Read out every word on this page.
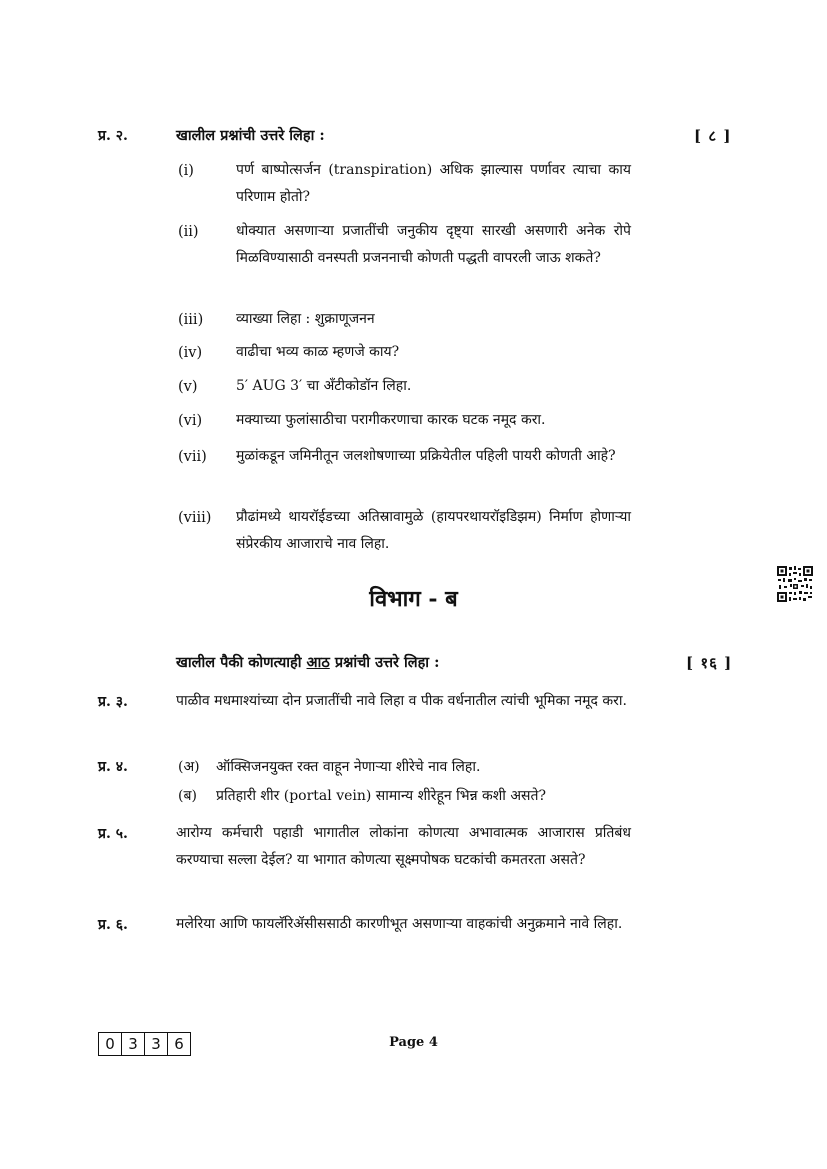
प्र. २.	खालील प्रश्नांची उत्तरे लिहा :	[ ८ ]
(i)	पर्ण बाष्पोत्सर्जन (transpiration) अधिक झाल्यास पर्णावर त्याचा काय परिणाम होतो?
(ii)	धोक्यात असणाऱ्या प्रजातींची जनुकीय दृष्ट्या सारखी असणारी अनेक रोपे मिळविण्यासाठी वनस्पती प्रजननाची कोणती पद्धती वापरली जाऊ शकते?
(iii) व्याख्या लिहा : शुक्राणूजनन
(iv) वाढीचा भव्य काळ म्हणजे काय?
(v)	5′ AUG 3′ चा अँटीकोडॉन लिहा.
(vi) मक्याच्या फुलांसाठीचा परागीकरणाचा कारक घटक नमूद करा.
(vii) मुळांकडून जमिनीतून जलशोषणाच्या प्रक्रियेतील पहिली पायरी कोणती आहे?
(viii) प्रौढांमध्ये थायरॉईडच्या अतिस्रावामुळे (हायपरथायरॉइडिझम) निर्माण होणाऱ्या संप्रेरकीय आजाराचे नाव लिहा.
विभाग - ब
खालील पैकी कोणत्याही आठ प्रश्नांची उत्तरे लिहा :	[ १६ ]
प्र. ३.	पाळीव मधमाश्यांच्या दोन प्रजातींची नावे लिहा व पीक वर्धनातील त्यांची भूमिका नमूद करा.
प्र. ४.	(अ) ऑक्सिजनयुक्त रक्त वाहून नेणाऱ्या शीरेचे नाव लिहा.
(ब) प्रतिहारी शीर (portal vein) सामान्य शीरेहून भिन्न कशी असते?
प्र. ५.	आरोग्य कर्मचारी पहाडी भागातील लोकांना कोणत्या अभावात्मक आजारास प्रतिबंध करण्याचा सल्ला देईल? या भागात कोणत्या सूक्ष्मपोषक घटकांची कमतरता असते?
प्र. ६.	मलेरिया आणि फायलॅरिॲसीससाठी कारणीभूत असणाऱ्या वाहकांची अनुक्रमाने नावे लिहा.
0 3 3 6	Page 4
